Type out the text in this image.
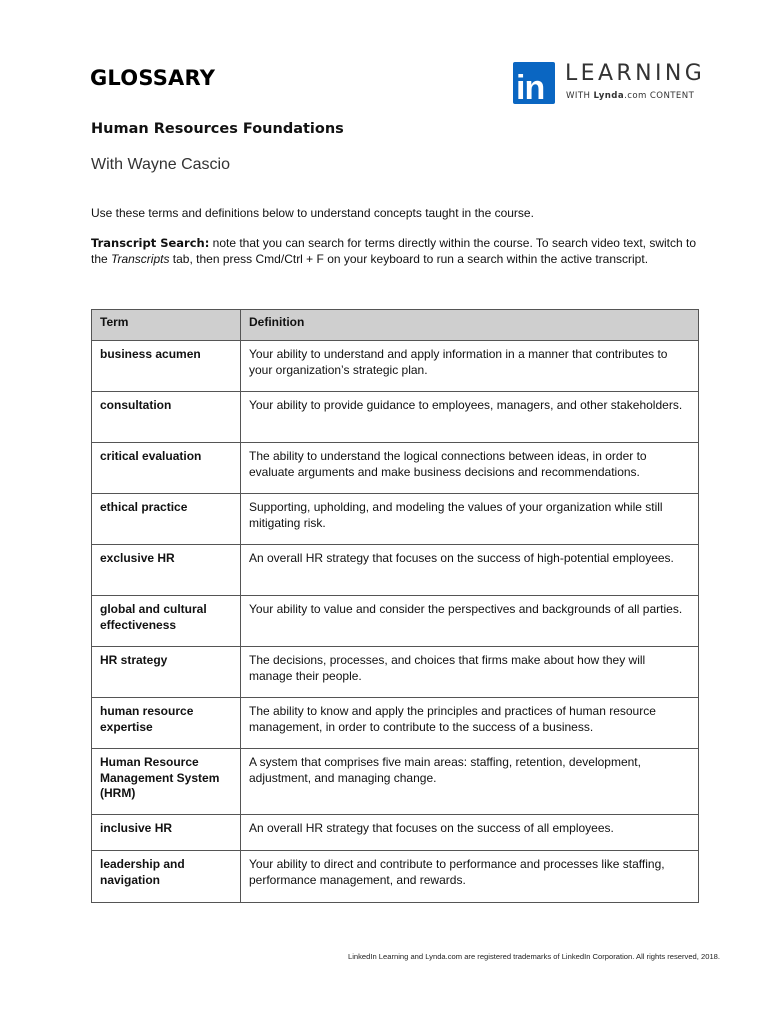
GLOSSARY	in LEARNING
WITH Lynda.com CONTENT
Human Resources Foundations

With Wayne Cascio

Use these terms and definitions below to understand concepts taught in the course.

Transcript Search: note that you can search for terms directly within the course. To search video text, switch to the Transcripts tab, then press Cmd/Ctrl + F on your keyboard to run a search within the active transcript.

Term	Definition
business acumen	Your ability to understand and apply information in a manner that contributes to your organization’s strategic plan.
consultation	Your ability to provide guidance to employees, managers, and other stakeholders.
critical evaluation	The ability to understand the logical connections between ideas, in order to evaluate arguments and make business decisions and recommendations.
ethical practice	Supporting, upholding, and modeling the values of your organization while still mitigating risk.
exclusive HR	An overall HR strategy that focuses on the success of high-potential employees.
global and cultural effectiveness	Your ability to value and consider the perspectives and backgrounds of all parties.
HR strategy	The decisions, processes, and choices that firms make about how they will manage their people.
human resource expertise	The ability to know and apply the principles and practices of human resource management, in order to contribute to the success of a business.
Human Resource Management System (HRM)	A system that comprises five main areas: staffing, retention, development, adjustment, and managing change.
inclusive HR	An overall HR strategy that focuses on the success of all employees.
leadership and navigation	Your ability to direct and contribute to performance and processes like staffing, performance management, and rewards.

LinkedIn Learning and Lynda.com are registered trademarks of LinkedIn Corporation. All rights reserved, 2018.
